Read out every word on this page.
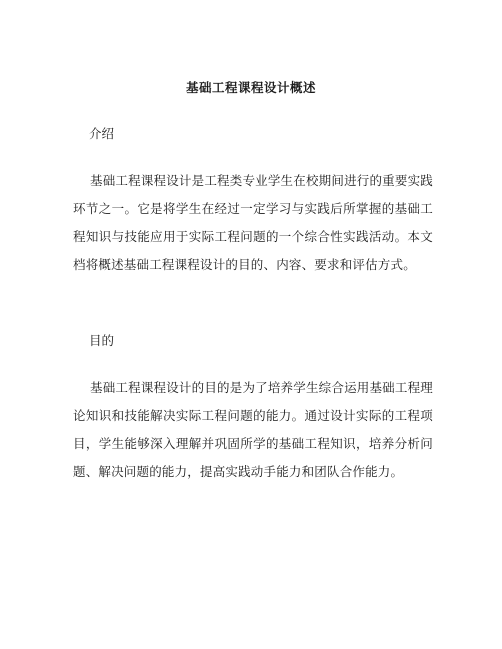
基础工程课程设计概述
介绍

基础工程课程设计是工程类专业学生在校期间进行的重要实践环节之一。它是将学生在经过一定学习与实践后所掌握的基础工程知识与技能应用于实际工程问题的一个综合性实践活动。本文档将概述基础工程课程设计的目的、内容、要求和评估方式。

目的

基础工程课程设计的目的是为了培养学生综合运用基础工程理论知识和技能解决实际工程问题的能力。通过设计实际的工程项目，学生能够深入理解并巩固所学的基础工程知识，培养分析问题、解决问题的能力，提高实践动手能力和团队合作能力。
